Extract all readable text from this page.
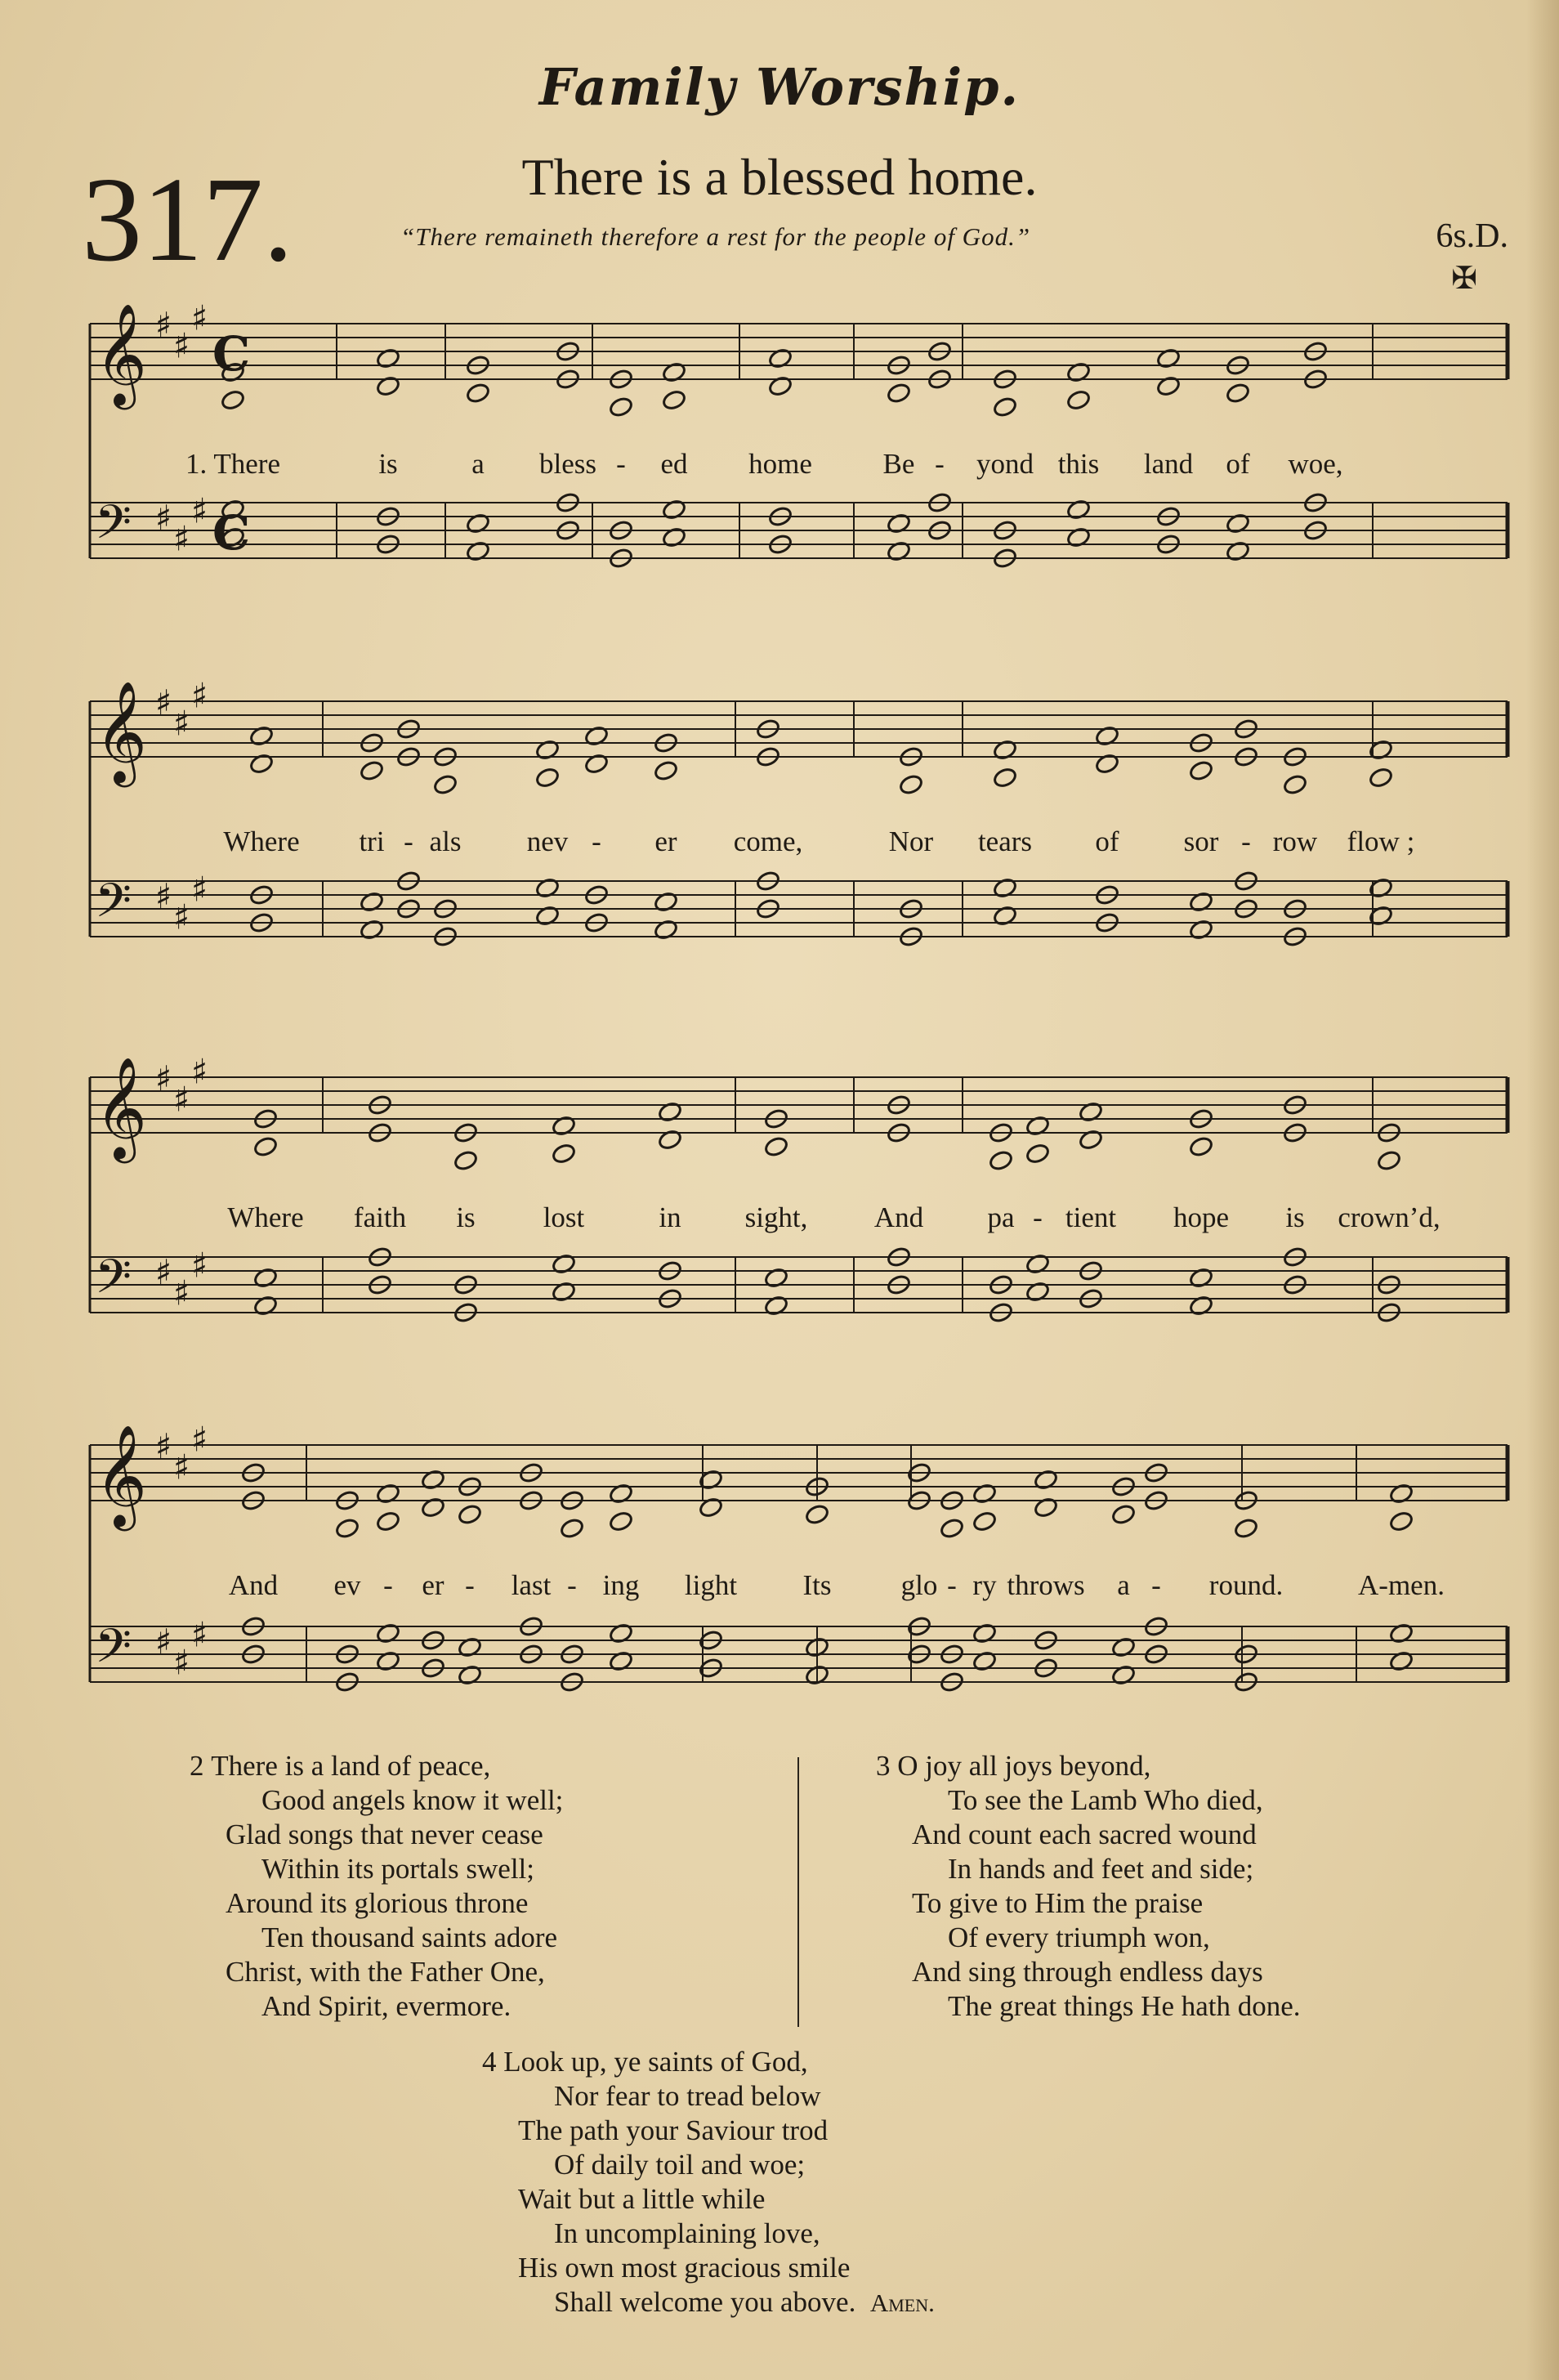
Family Worship.
317.	There is a blessed home.
“There remaineth therefore a rest for the people of God.”	6s.D.
✠
𝄞 ♯
♯
♯
C
𝄢 ♯
♯
♯ C
𝄞 ♯
♯
♯
𝄢 ♯
♯
♯
𝄞 ♯
♯
♯
𝄢 ♯
♯
♯
𝄞 ♯
♯
♯
𝄢 ♯
♯
♯
1. There	is	a bless - ed home Be - yond this land of woe,
Where tri - als nev - er come,	Nor tears of sor - row flow ;
Where faith is lost	in sight, And pa - tient hope is crown’d,
And ev - er - last - ing light Its glo - ry throws a - round.	A-men.
2 There is a land of peace,
Good angels know it well;
Glad songs that never cease
Within its portals swell;
Around its glorious throne
Ten thousand saints adore
Christ, with the Father One,
And Spirit, evermore.
3 O joy all joys beyond,
To see the Lamb Who died,
And count each sacred wound
In hands and feet and side;
To give to Him the praise
Of every triumph won,
And sing through endless days
The great things He hath done.
4 Look up, ye saints of God,
Nor fear to tread below
The path your Saviour trod
Of daily toil and woe;
Wait but a little while
In uncomplaining love,
His own most gracious smile
Shall welcome you above. Amen.
